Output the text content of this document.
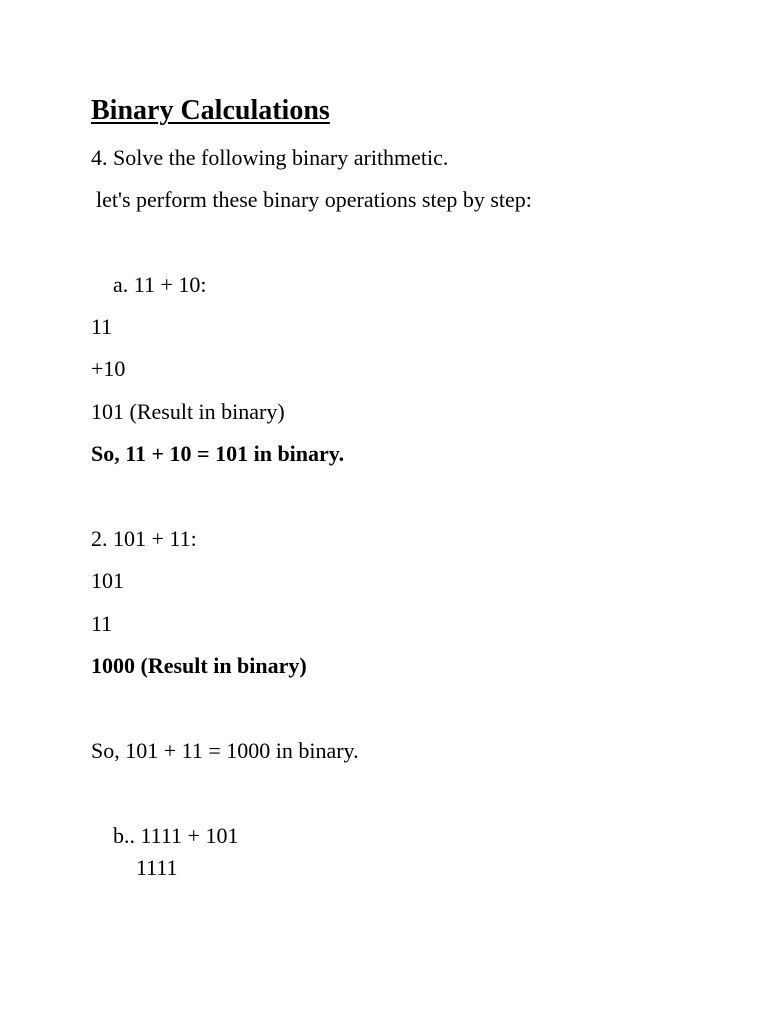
Binary Calculations
4. Solve the following binary arithmetic.
let's perform these binary operations step by step:
a. 11 + 10:
11
+10
101 (Result in binary)
So, 11 + 10 = 101 in binary.
2. 101 + 11:
101
11
1000 (Result in binary)
So, 101 + 11 = 1000 in binary.
b.. 1111 + 101
1111
